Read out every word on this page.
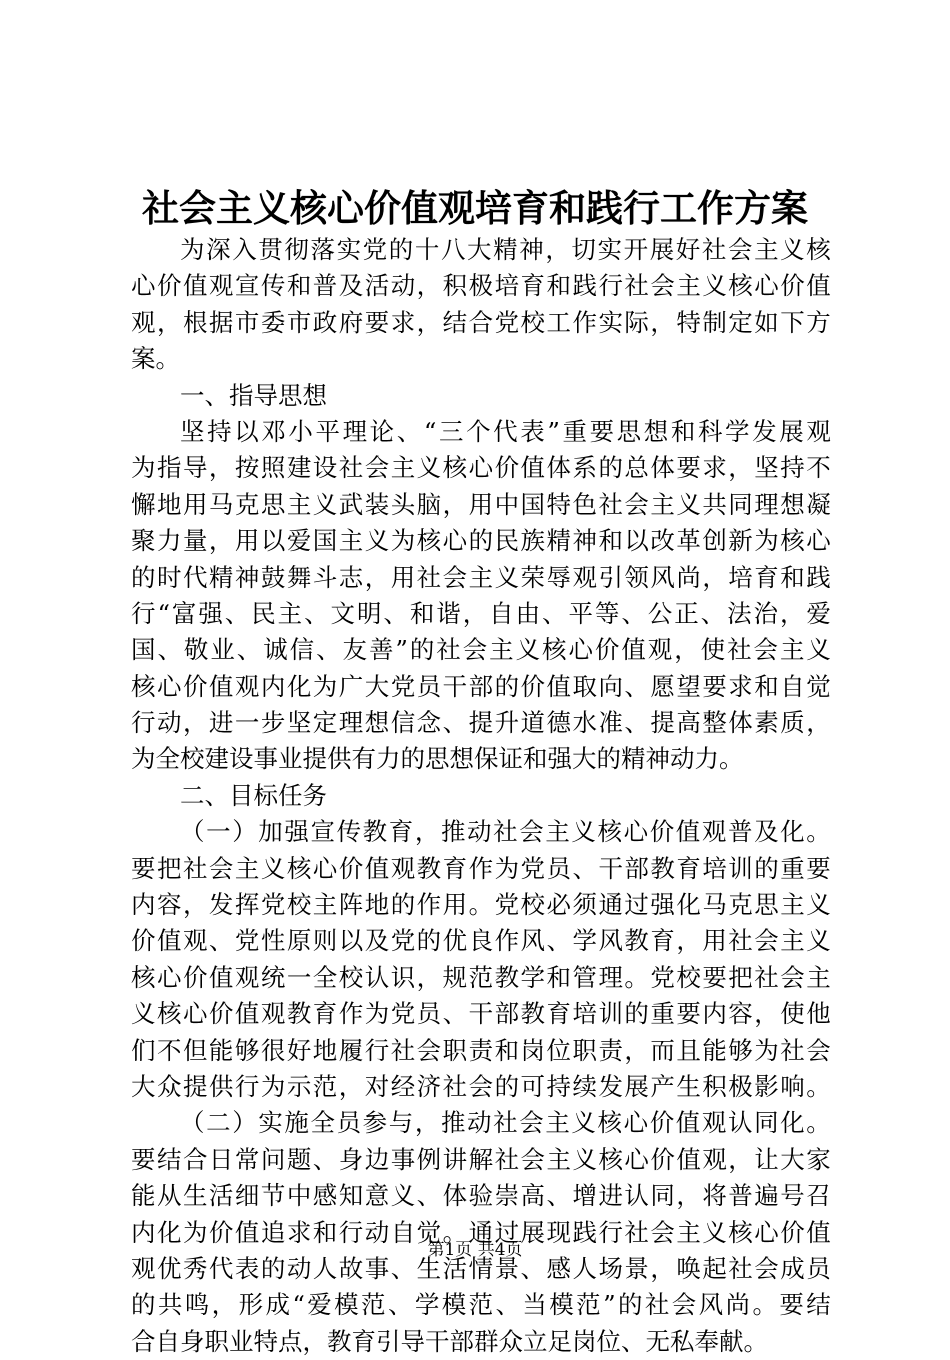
社会主义核心价值观培育和践行工作方案
为 深 入 贯 彻 落 实 党 的 十 八 大 精 神 ， 切 实 开 展 好 社 会 主 义 核
心 价 值 观 宣 传 和 普 及 活 动 ， 积 极 培 育 和 践 行 社 会 主 义 核 心 价 值
观 ， 根 据 市 委 市 政 府 要 求 ， 结 合 党 校 工 作 实 际 ， 特 制 定 如 下 方
案。
一、指导思想
坚 持 以 邓 小 平 理 论 、 “ 三 个 代 表 ” 重 要 思 想 和 科 学 发 展 观
为 指 导 ， 按 照 建 设 社 会 主 义 核 心 价 值 体 系 的 总 体 要 求 ， 坚 持 不
懈 地 用 马 克 思 主 义 武 装 头 脑 ， 用 中 国 特 色 社 会 主 义 共 同 理 想 凝
聚 力 量 ， 用 以 爱 国 主 义 为 核 心 的 民 族 精 神 和 以 改 革 创 新 为 核 心
的 时 代 精 神 鼓 舞 斗 志 ， 用 社 会 主 义 荣 辱 观 引 领 风 尚 ， 培 育 和 践
行 “ 富 强 、 民 主 、 文 明 、 和 谐 ， 自 由 、 平 等 、 公 正 、 法 治 ， 爱
国 、 敬 业 、 诚 信 、 友 善 ” 的 社 会 主 义 核 心 价 值 观 ， 使 社 会 主 义
核 心 价 值 观 内 化 为 广 大 党 员 干 部 的 价 值 取 向 、 愿 望 要 求 和 自 觉
行 动 ， 进 一 步 坚 定 理 想 信 念 、 提 升 道 德 水 准 、 提 高 整 体 素 质 ，
为全校建设事业提供有力的思想保证和强大的精神动力。
二、目标任务
（ 一 ） 加 强 宣 传 教 育 ， 推 动 社 会 主 义 核 心 价 值 观 普 及 化 。
要 把 社 会 主 义 核 心 价 值 观 教 育 作 为 党 员 、 干 部 教 育 培 训 的 重 要
内 容 ， 发 挥 党 校 主 阵 地 的 作 用 。 党 校 必 须 通 过 强 化 马 克 思 主 义
价 值 观 、 党 性 原 则 以 及 党 的 优 良 作 风 、 学 风 教 育 ， 用 社 会 主 义
核 心 价 值 观 统 一 全 校 认 识 ， 规 范 教 学 和 管 理 。 党 校 要 把 社 会 主
义 核 心 价 值 观 教 育 作 为 党 员 、 干 部 教 育 培 训 的 重 要 内 容 ， 使 他
们 不 但 能 够 很 好 地 履 行 社 会 职 责 和 岗 位 职 责 ， 而 且 能 够 为 社 会
大 众 提 供 行 为 示 范 ， 对 经 济 社 会 的 可 持 续 发 展 产 生 积 极 影 响 。
（ 二 ） 实 施 全 员 参 与 ， 推 动 社 会 主 义 核 心 价 值 观 认 同 化 。
要 结 合 日 常 问 题 、 身 边 事 例 讲 解 社 会 主 义 核 心 价 值 观 ， 让 大 家
能 从 生 活 细 节 中 感 知 意 义 、 体 验 崇 高 、 增 进 认 同 ， 将 普 遍 号 召
内 化 为 价 值 追 求 和 行 动 自 觉 。 通 过 展 现 践 行 社 会 主 义 核 心 价 值
观 优 秀 代 表 的 动 人 故 事 、 生 活 情 景 、 感 人 场 景 ， 唤 起 社 会 成 员
的 共 鸣 ， 形 成 “ 爱 模 范 、 学 模 范 、 当 模 范 ” 的 社 会 风 尚 。 要 结
合自身职业特点，教育引导干部群众立足岗位、无私奉献。
第1页 共4页
